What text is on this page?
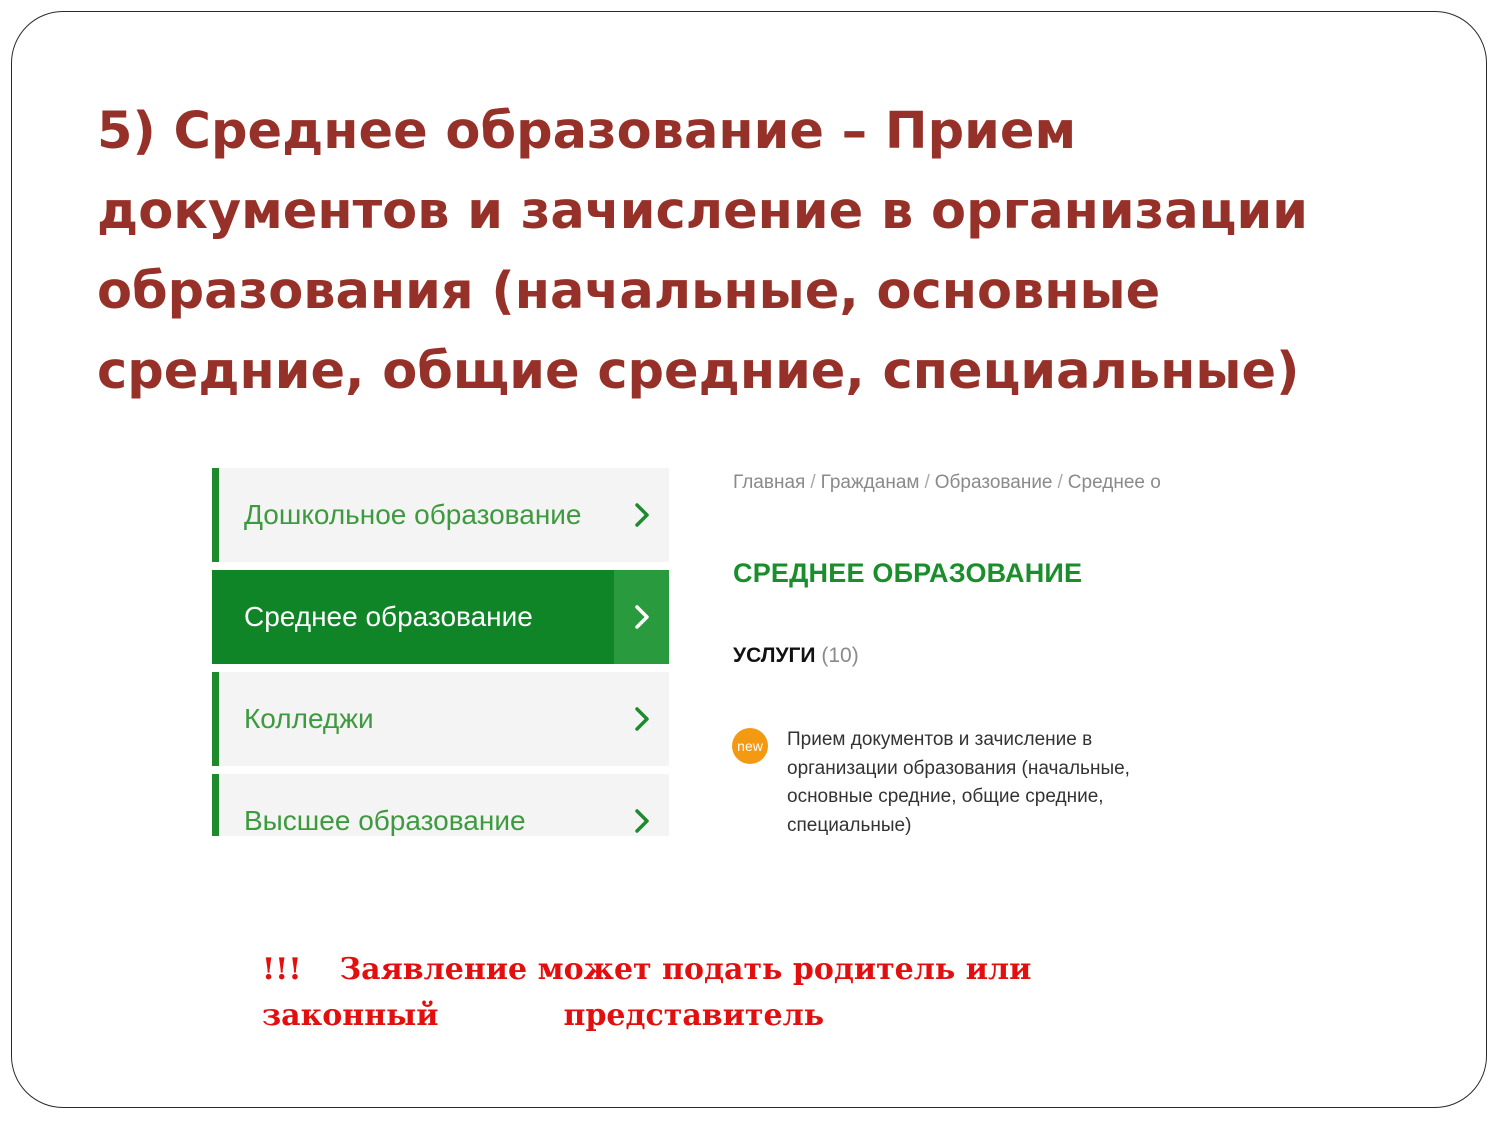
5) Среднее образование – Прием
документов и зачисление в организации
образования (начальные, основные
средние, общие средние, специальные)
Дошкольное образование
Среднее образование
Колледжи
Высшее образование
Главная / Гражданам / Образование / Среднее о
СРЕДНЕЕ ОБРАЗОВАНИЕ
УСЛУГИ (10)
new Прием документов и зачисление в организации образования (начальные, основные средние, общие средние, специальные)
!!! Заявление может подать родитель или
законный	представитель
